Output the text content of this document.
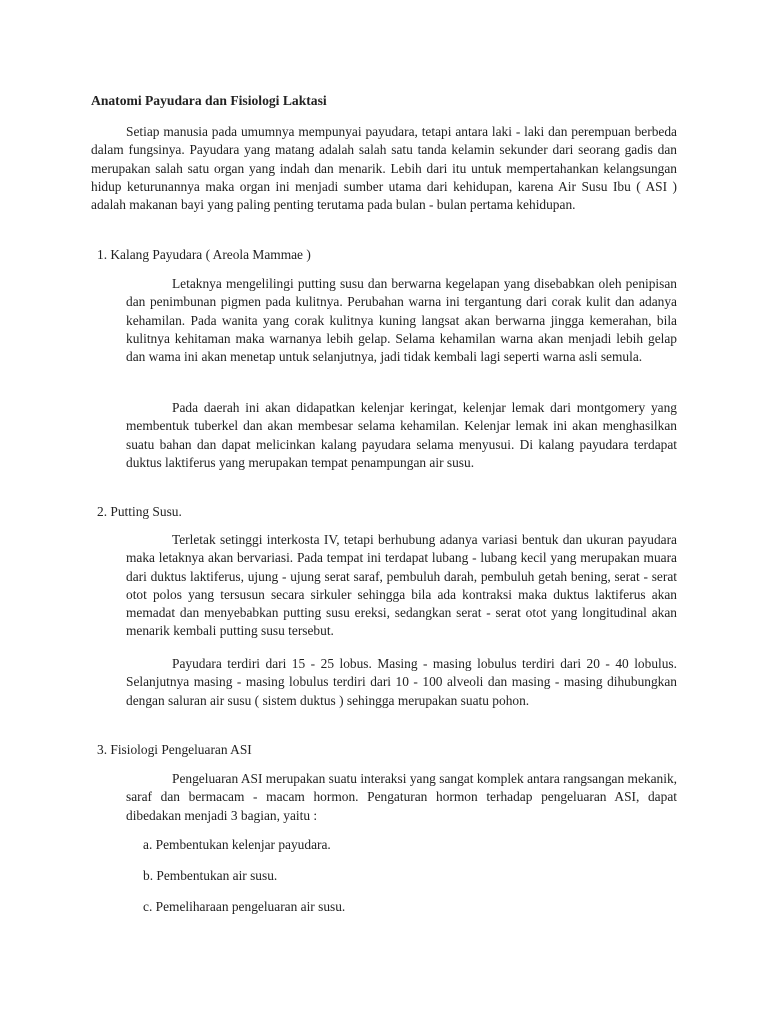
Anatomi Payudara dan Fisiologi Laktasi

Setiap manusia pada umumnya mempunyai payudara, tetapi antara laki - laki dan perempuan berbeda dalam fungsinya. Payudara yang matang adalah salah satu tanda kelamin sekunder dari seorang gadis dan merupakan salah satu organ yang indah dan menarik. Lebih dari itu untuk mempertahankan kelangsungan hidup keturunannya maka organ ini menjadi sumber utama dari kehidupan, karena Air Susu Ibu ( ASI ) adalah makanan bayi yang paling penting terutama pada bulan - bulan pertama kehidupan.

1. Kalang Payudara ( Areola Mammae )

Letaknya mengelilingi putting susu dan berwarna kegelapan yang disebabkan oleh penipisan dan penimbunan pigmen pada kulitnya. Perubahan warna ini tergantung dari corak kulit dan adanya kehamilan. Pada wanita yang corak kulitnya kuning langsat akan berwarna jingga kemerahan, bila kulitnya kehitaman maka warnanya lebih gelap. Selama kehamilan warna akan menjadi lebih gelap dan wama ini akan menetap untuk selanjutnya, jadi tidak kembali lagi seperti warna asli semula.

Pada daerah ini akan didapatkan kelenjar keringat, kelenjar lemak dari montgomery yang membentuk tuberkel dan akan membesar selama kehamilan. Kelenjar lemak ini akan menghasilkan suatu bahan dan dapat melicinkan kalang payudara selama menyusui. Di kalang payudara terdapat duktus laktiferus yang merupakan tempat penampungan air susu.

2. Putting Susu.

Terletak setinggi interkosta IV, tetapi berhubung adanya variasi bentuk dan ukuran payudara maka letaknya akan bervariasi. Pada tempat ini terdapat lubang - lubang kecil yang merupakan muara dari duktus laktiferus, ujung - ujung serat saraf, pembuluh darah, pembuluh getah bening, serat - serat otot polos yang tersusun secara sirkuler sehingga bila ada kontraksi maka duktus laktiferus akan memadat dan menyebabkan putting susu ereksi, sedangkan serat - serat otot yang longitudinal akan menarik kembali putting susu tersebut.

Payudara terdiri dari 15 - 25 lobus. Masing - masing lobulus terdiri dari 20 - 40 lobulus. Selanjutnya masing - masing lobulus terdiri dari 10 - 100 alveoli dan masing - masing dihubungkan dengan saluran air susu ( sistem duktus ) sehingga merupakan suatu pohon.

3. Fisiologi Pengeluaran ASI

Pengeluaran ASI merupakan suatu interaksi yang sangat komplek antara rangsangan mekanik, saraf dan bermacam - macam hormon. Pengaturan hormon terhadap pengeluaran ASI, dapat dibedakan menjadi 3 bagian, yaitu :

a. Pembentukan kelenjar payudara.

b. Pembentukan air susu.

c. Pemeliharaan pengeluaran air susu.
